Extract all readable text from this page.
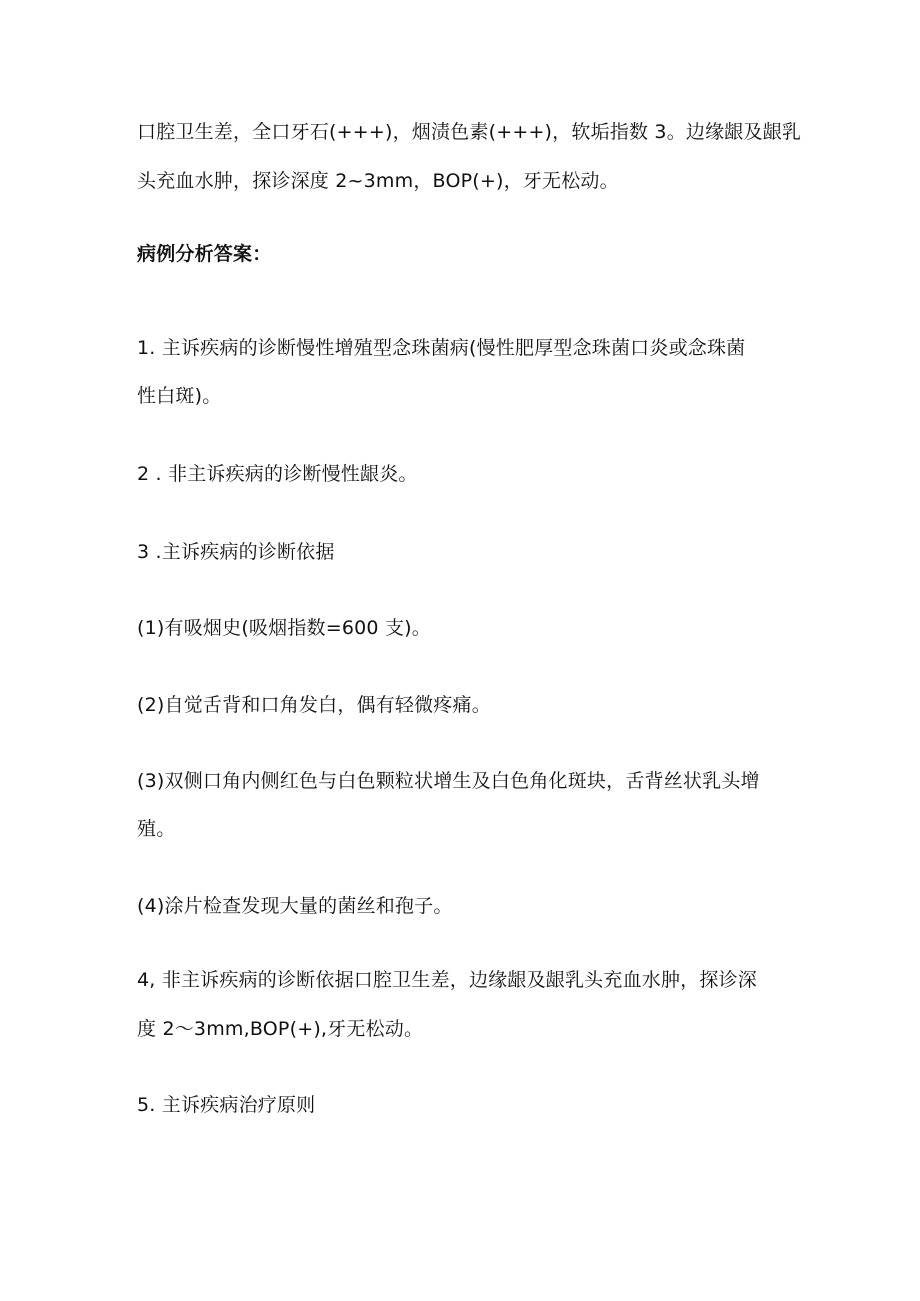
口腔卫生差，全口牙石(+++)，烟渍色素(+++)，软垢指数 3。边缘龈及龈乳
头充血水肿，探诊深度 2~3mm，BOP(+)，牙无松动。
病例分析答案：
1. 主诉疾病的诊断慢性增殖型念珠菌病(慢性肥厚型念珠菌口炎或念珠菌
性白斑)。
2 . 非主诉疾病的诊断慢性龈炎。
3 .主诉疾病的诊断依据
(1)有吸烟史(吸烟指数=600 支)。
(2)自觉舌背和口角发白，偶有轻微疼痛。
(3)双侧口角内侧红色与白色颗粒状增生及白色角化斑块，舌背丝状乳头增
殖。
(4)涂片检查发现大量的菌丝和孢子。
4, 非主诉疾病的诊断依据口腔卫生差，边缘龈及龈乳头充血水肿，探诊深
度 2～3mm,BOP(+),牙无松动。
5. 主诉疾病治疗原则
